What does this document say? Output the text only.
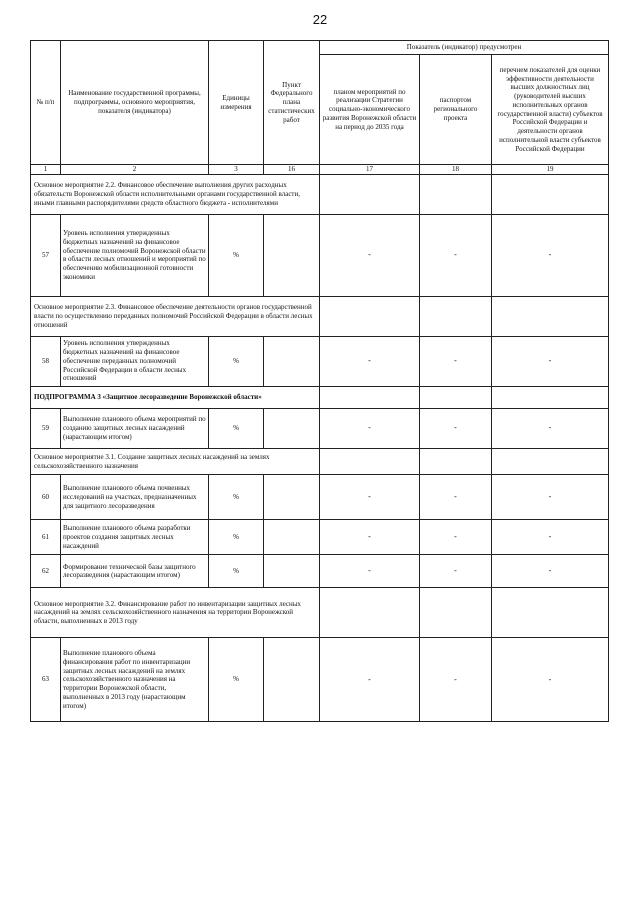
22
№ п/п	Наименование государственной программы, подпрограммы, основного мероприятия, показателя (индикатора)	Единицы измерения	Пункт Федерального плана статистических работ	Показатель (индикатор) предусмотрен		
				планом мероприятий по реализации Стратегии социально-экономического развития Воронежской области на период до 2035 года	паспортом регионального проекта	перечнем показателей для оценки эффективности деятельности высших должностных лиц (руководителей высших исполнительных органов государственной власти) субъектов Российской Федерации и деятельности органов исполнительной власти субъектов Российской Федерации
1	2	3	16	17	18	19
Основное мероприятие 2.2. Финансовое обеспечение выполнения других расходных обязательств Воронежской области исполнительными органами государственной власти, иными главными распорядителями средств областного бюджета - исполнителями						
57	Уровень исполнения утвержденных бюджетных назначений на финансовое обеспечение полномочий Воронежской области в области лесных отношений и мероприятий по обеспечению мобилизационной готовности экономики	%		-	-	-
Основное мероприятие 2.3. Финансовое обеспечение деятельности органов государственной власти по осуществлению переданных полномочий Российской Федерации в области лесных отношений						
58	Уровень исполнения утвержденных бюджетных назначений на финансовое обеспечение переданных полномочий Российской Федерации в области лесных отношений	%		-	-	-
ПОДПРОГРАММА 3 «Защитное лесоразведение Воронежской области»						
59	Выполнение планового объема мероприятий по созданию защитных лесных насаждений (нарастающим итогом)	%		-	-	-
Основное мероприятие 3.1. Создание защитных лесных насаждений на землях сельскохозяйственного назначения						
60	Выполнение планового объема почвенных исследований на участках, предназначенных для защитного лесоразведения	%		-	-	-
61	Выполнение планового объема разработки проектов создания защитных лесных насаждений	%		-	-	-
62	Формирование технической базы защитного лесоразведения (нарастающим итогом)	%		-	-	-
Основное мероприятие 3.2. Финансирование работ по инвентаризации защитных лесных насаждений на землях сельскохозяйственного назначения на территории Воронежской области, выполненных в 2013 году						
63	Выполнение планового объема финансирования работ по инвентаризации защитных лесных насаждений на землях сельскохозяйственного назначения на территории Воронежской области, выполненных в 2013 году (нарастающим итогом)	%		-	-	-
